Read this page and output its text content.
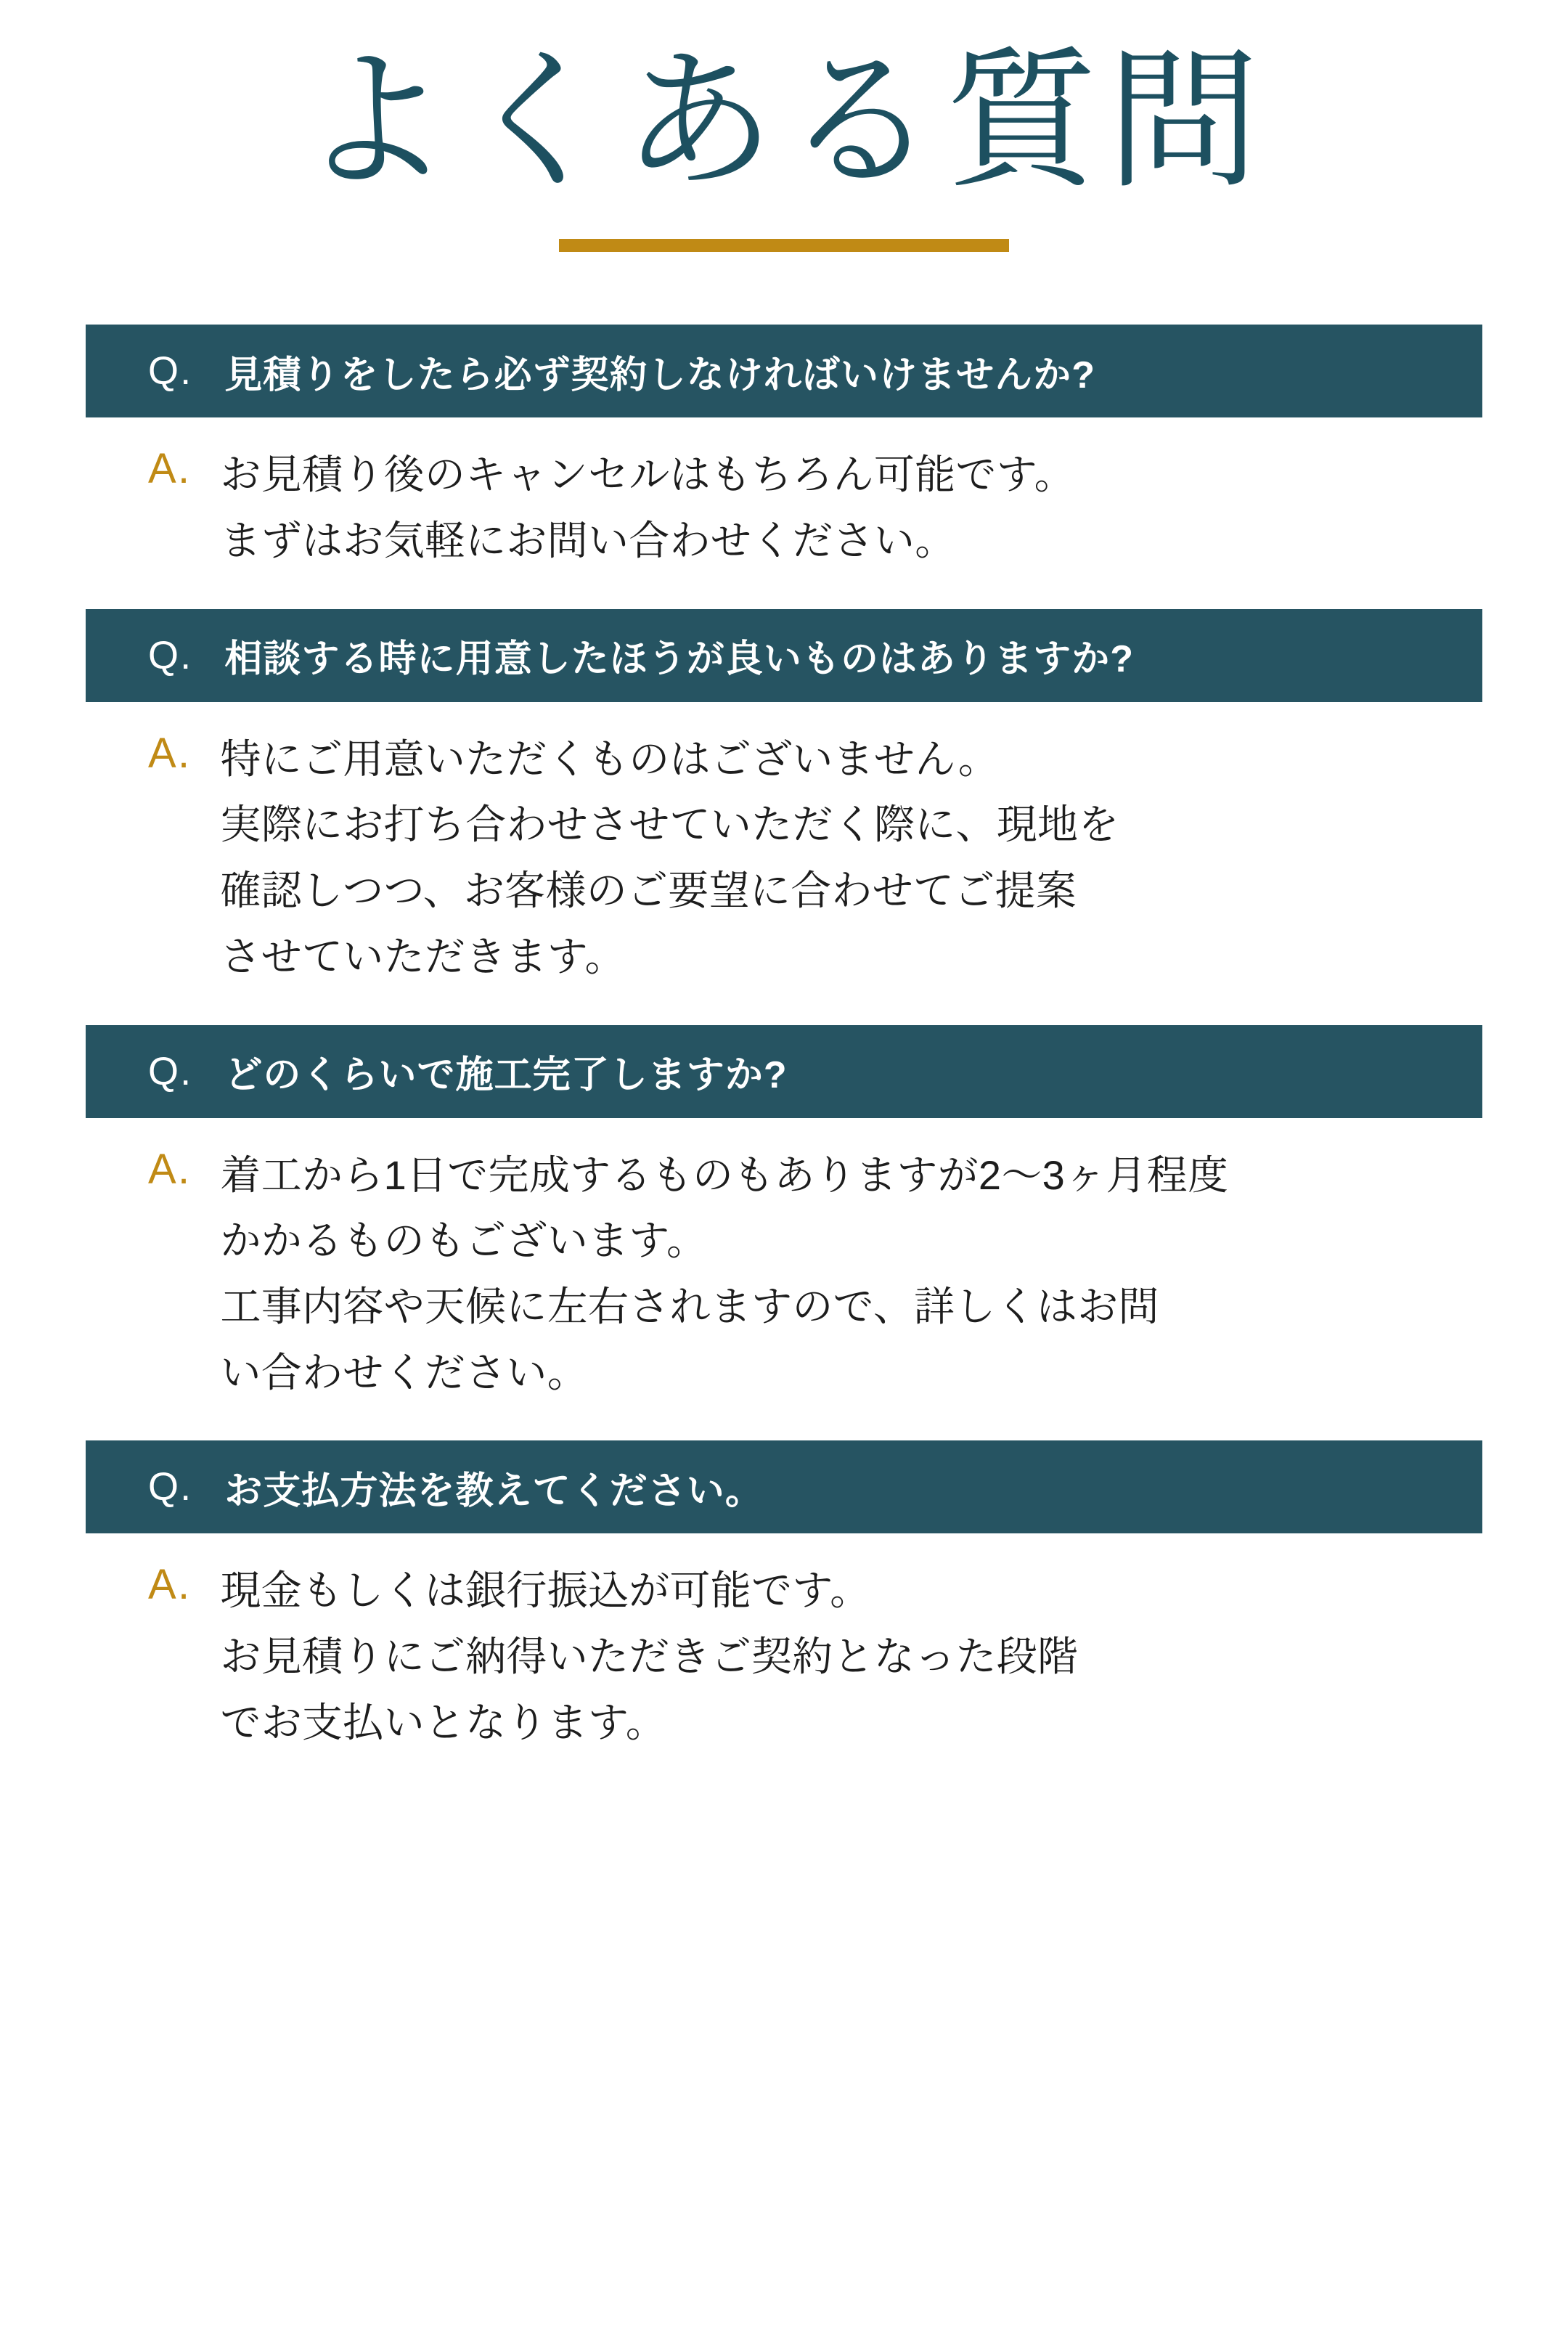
よくある質問
Q. 見積りをしたら必ず契約しなければいけませんか?
A. お見積り後のキャンセルはもちろん可能です。
まずはお気軽にお問い合わせください。
Q. 相談する時に用意したほうが良いものはありますか?
A. 特にご用意いただくものはございません。
実際にお打ち合わせさせていただく際に、現地を
確認しつつ、お客様のご要望に合わせてご提案
させていただきます。
Q. どのくらいで施工完了しますか?
A. 着工から1日で完成するものもありますが2〜3ヶ月程度
かかるものもございます。
工事内容や天候に左右されますので、詳しくはお問
い合わせください。
Q. お支払方法を教えてください。
A. 現金もしくは銀行振込が可能です。
お見積りにご納得いただきご契約となった段階
でお支払いとなります。
